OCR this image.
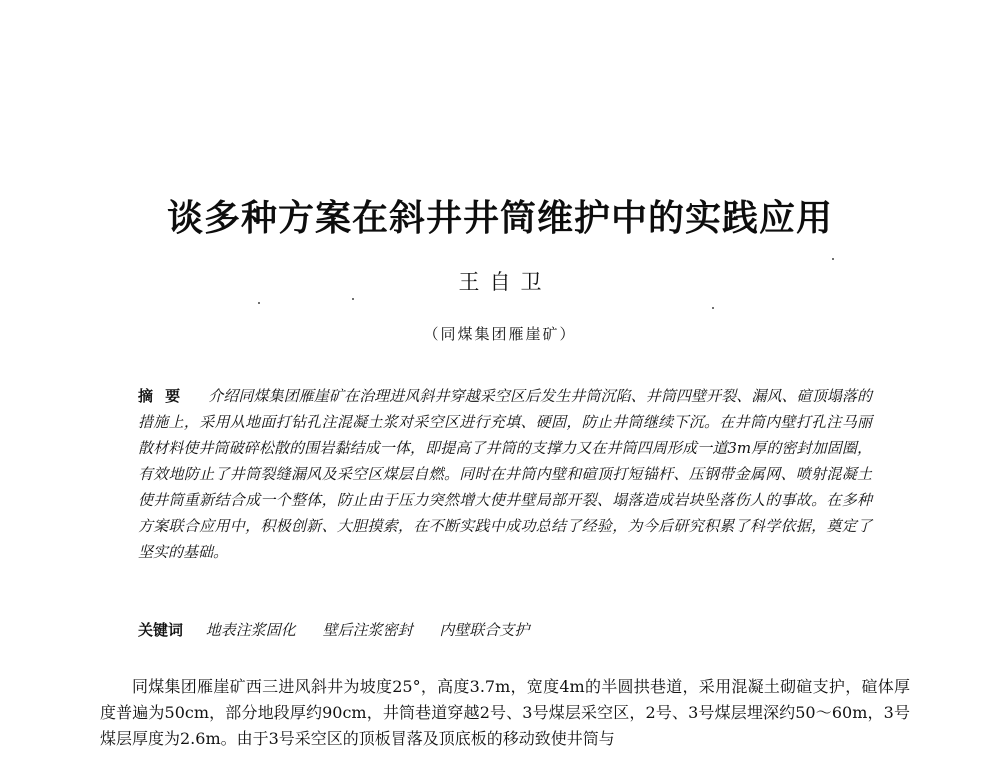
谈多种方案在斜井井筒维护中的实践应用
王自卫
（同煤集团雁崖矿）
摘要 介绍同煤集团雁崖矿在治理进风斜井穿越采空区后发生井筒沉陷、井筒四壁开裂、漏风、碹顶塌落的措施上，采用从地面打钻孔注混凝土浆对采空区进行充填、硬固，防止井筒继续下沉。在井筒内壁打孔注马丽散材料使井筒破碎松散的围岩黏结成一体，即提高了井筒的支撑力又在井筒四周形成一道3m厚的密封加固圈，有效地防止了井筒裂缝漏风及采空区煤层自燃。同时在井筒内壁和碹顶打短锚杆、压钢带金属网、喷射混凝土使井筒重新结合成一个整体，防止由于压力突然增大使井壁局部开裂、塌落造成岩块坠落伤人的事故。在多种方案联合应用中，积极创新、大胆摸索，在不断实践中成功总结了经验，为今后研究积累了科学依据，奠定了坚实的基础。
关键词 地表注浆固化 壁后注浆密封 内壁联合支护
同煤集团雁崖矿西三进风斜井为坡度25°，高度3.7m，宽度4m的半圆拱巷道，采用混凝土砌碹支护，碹体厚度普遍为50cm，部分地段厚约90cm，井筒巷道穿越2号、3号煤层采空区，2号、3号煤层埋深约50～60m，3号煤层厚度为2.6m。由于3号采空区的顶板冒落及顶底板的移动致使井筒与
